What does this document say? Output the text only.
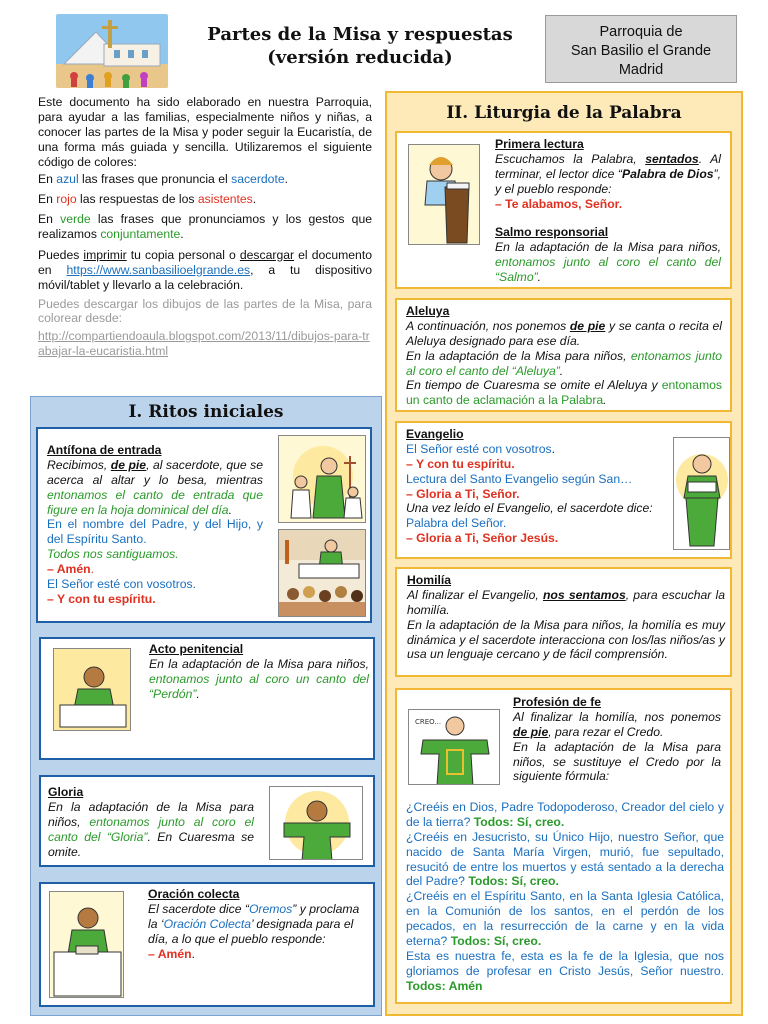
Partes de la Misa y respuestas
(versión reducida)
Parroquia de
San Basilio el Grande
Madrid

Este documento ha sido elaborado en nuestra Parroquia, para ayudar a las familias, especialmente niños y niñas, a conocer las partes de la Misa y poder seguir la Eucaristía, de una forma más guiada y sencilla. Utilizaremos el siguiente código de colores:

En azul las frases que pronuncia el sacerdote.

En rojo las respuestas de los asistentes.

En verde las frases que pronunciamos y los gestos que realizamos conjuntamente.

Puedes imprimir tu copia personal o descargar el documento en https://www.sanbasilioelgrande.es, a tu dispositivo móvil/tablet y llevarlo a la celebración.

Puedes descargar los dibujos de las partes de la Misa, para colorear desde:

http://compartiendoaula.blogspot.com/2013/11/dibujos-para-trabajar-la-eucaristia.html

I. Ritos iniciales
Antífona de entrada
Recibimos, de pie, al sacerdote, que se acerca al altar y lo besa, mientras entonamos el canto de entrada que figure en la hoja dominical del día.
En el nombre del Padre, y del Hijo, y del Espíritu Santo.
Todos nos santiguamos.
– Amén.
El Señor esté con vosotros.
– Y con tu espíritu.
Acto penitencial
En la adaptación de la Misa para niños, entonamos junto al coro un canto del “Perdón”.
Gloria
En la adaptación de la Misa para niños, entonamos junto al coro el canto del “Gloria”. En Cuaresma se omite.
Oración colecta
El sacerdote dice “Oremos” y proclama la ‘Oración Colecta’ designada para el día, a lo que el pueblo responde:
– Amén.
II. Liturgia de la Palabra
Primera lectura
Escuchamos la Palabra, sentados. Al terminar, el lector dice “Palabra de Dios”, y el pueblo responde:
– Te alabamos, Señor.
Salmo responsorial
En la adaptación de la Misa para niños, entonamos junto al coro el canto del “Salmo”.
Aleluya
A continuación, nos ponemos de pie y se canta o recita el Aleluya designado para ese día.
En la adaptación de la Misa para niños, entonamos junto al coro el canto del “Aleluya”.
En tiempo de Cuaresma se omite el Aleluya y entonamos un canto de aclamación a la Palabra.
Evangelio
El Señor esté con vosotros.
– Y con tu espíritu.
Lectura del Santo Evangelio según San…
– Gloria a Ti, Señor.
Una vez leído el Evangelio, el sacerdote dice:
Palabra del Señor.
– Gloria a Ti, Señor Jesús.
Homilía
Al finalizar el Evangelio, nos sentamos, para escuchar la homilía.
En la adaptación de la Misa para niños, la homilía es muy dinámica y el sacerdote interacciona con los/las niños/as y usa un lenguaje cercano y de fácil comprensión.
CREO...
Profesión de fe
Al finalizar la homilía, nos ponemos de pie, para rezar el Credo.
En la adaptación de la Misa para niños, se sustituye el Credo por la siguiente fórmula:
¿Creéis en Dios, Padre Todopoderoso, Creador del cielo y de la tierra? Todos: Sí, creo.
¿Creéis en Jesucristo, su Único Hijo, nuestro Señor, que nacido de Santa María Virgen, murió, fue sepultado, resucitó de entre los muertos y está sentado a la derecha del Padre? Todos: Sí, creo.
¿Creéis en el Espíritu Santo, en la Santa Iglesia Católica, en la Comunión de los santos, en el perdón de los pecados, en la resurrección de la carne y en la vida eterna? Todos: Sí, creo.
Esta es nuestra fe, esta es la fe de la Iglesia, que nos gloriamos de profesar en Cristo Jesús, Señor nuestro. Todos: Amén
